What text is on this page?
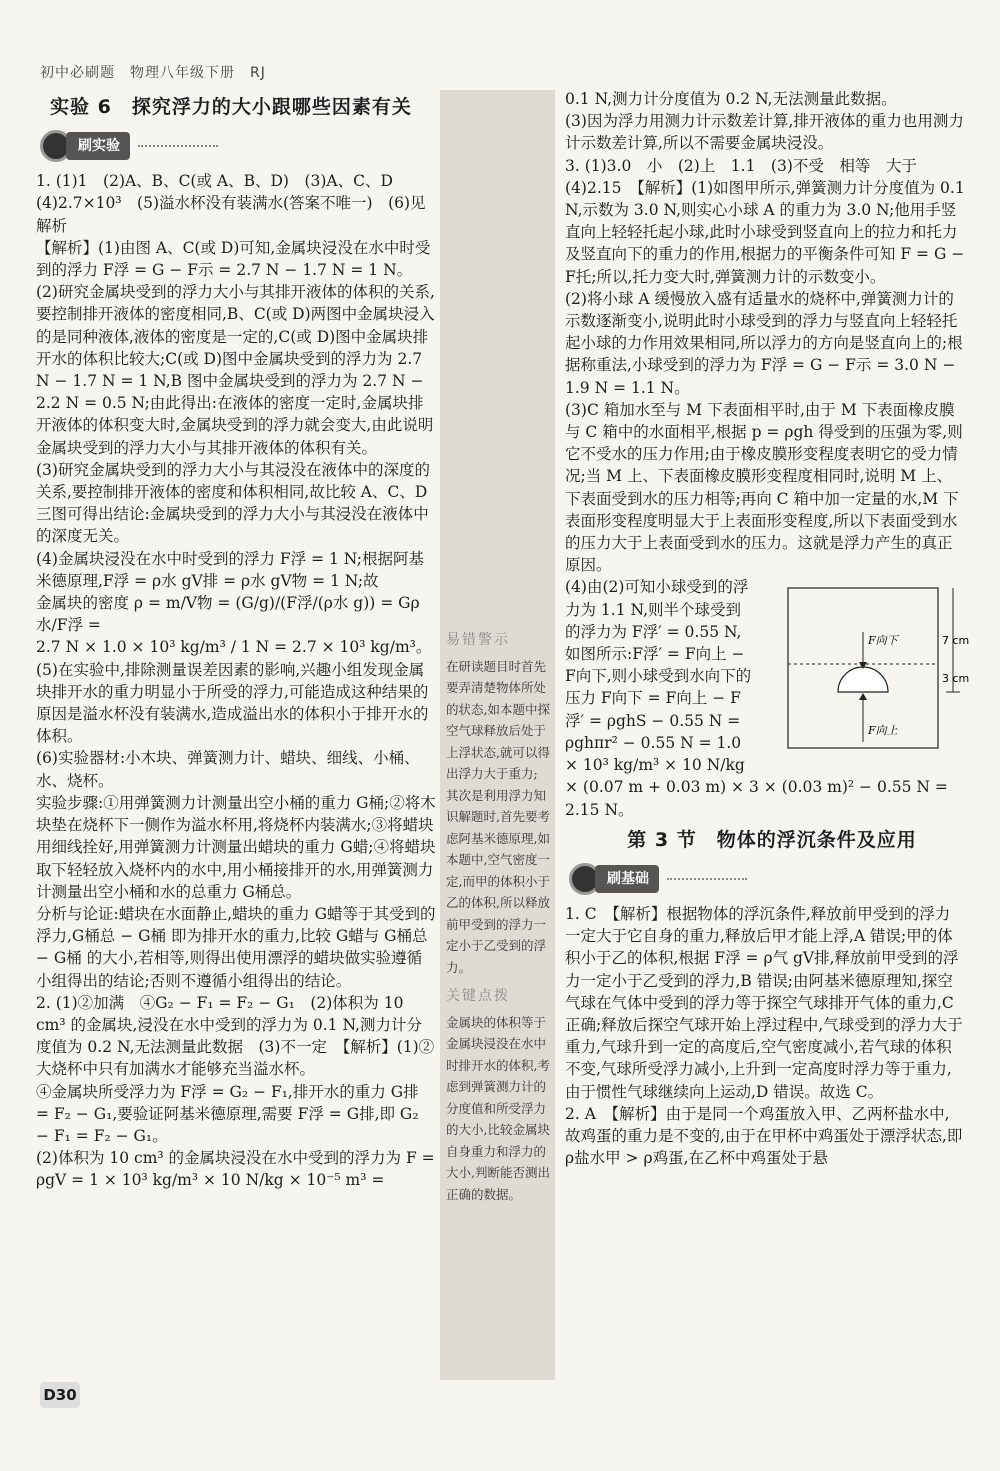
初中必刷题　物理八年级下册　RJ
易错警示
在研读题目时首先要弄清楚物体所处的状态,如本题中探空气球释放后处于上浮状态,就可以得出浮力大于重力;其次是利用浮力知识解题时,首先要考虑阿基米德原理,如本题中,空气密度一定,而甲的体积小于乙的体积,所以释放前甲受到的浮力一定小于乙受到的浮力。
关键点拨
金属块的体积等于金属块浸没在水中时排开水的体积,考虑到弹簧测力计的分度值和所受浮力的大小,比较金属块自身重力和浮力的大小,判断能否测出正确的数据。
实验 6　探究浮力的大小跟哪些因素有关
刷实验

1. (1)1　(2)A、B、C(或 A、B、D)　(3)A、C、D　(4)2.7×10³　(5)溢水杯没有装满水(答案不唯一)　(6)见解析

【解析】(1)由图 A、C(或 D)可知,金属块浸没在水中时受到的浮力 F浮 = G − F示 = 2.7 N − 1.7 N = 1 N。

(2)研究金属块受到的浮力大小与其排开液体的体积的关系,要控制排开液体的密度相同,B、C(或 D)两图中金属块浸入的是同种液体,液体的密度是一定的,C(或 D)图中金属块排开水的体积比较大;C(或 D)图中金属块受到的浮力为 2.7 N − 1.7 N = 1 N,B 图中金属块受到的浮力为 2.7 N − 2.2 N = 0.5 N;由此得出:在液体的密度一定时,金属块排开液体的体积变大时,金属块受到的浮力就会变大,由此说明金属块受到的浮力大小与其排开液体的体积有关。

(3)研究金属块受到的浮力大小与其浸没在液体中的深度的关系,要控制排开液体的密度和体积相同,故比较 A、C、D 三图可得出结论:金属块受到的浮力大小与其浸没在液体中的深度无关。

(4)金属块浸没在水中时受到的浮力 F浮 = 1 N;根据阿基米德原理,F浮 = ρ水 gV排 = ρ水 gV物 = 1 N;故

金属块的密度 ρ = m/V物 = (G/g)/(F浮/(ρ水 g)) = Gρ水/F浮 =

2.7 N × 1.0 × 10³ kg/m³ / 1 N = 2.7 × 10³ kg/m³。

(5)在实验中,排除测量误差因素的影响,兴趣小组发现金属块排开水的重力明显小于所受的浮力,可能造成这种结果的原因是溢水杯没有装满水,造成溢出水的体积小于排开水的体积。

(6)实验器材:小木块、弹簧测力计、蜡块、细线、小桶、水、烧杯。

实验步骤:①用弹簧测力计测量出空小桶的重力 G桶;②将木块垫在烧杯下一侧作为溢水杯用,将烧杯内装满水;③将蜡块用细线拴好,用弹簧测力计测量出蜡块的重力 G蜡;④将蜡块取下轻轻放入烧杯内的水中,用小桶接排开的水,用弹簧测力计测量出空小桶和水的总重力 G桶总。

分析与论证:蜡块在水面静止,蜡块的重力 G蜡等于其受到的浮力,G桶总 − G桶 即为排开水的重力,比较 G蜡与 G桶总 − G桶 的大小,若相等,则得出使用漂浮的蜡块做实验遵循小组得出的结论;否则不遵循小组得出的结论。

2. (1)②加满　④G₂ − F₁ = F₂ − G₁　(2)体积为 10 cm³ 的金属块,浸没在水中受到的浮力为 0.1 N,测力计分度值为 0.2 N,无法测量此数据　(3)不一定　【解析】(1)②大烧杯中只有加满水才能够充当溢水杯。

④金属块所受浮力为 F浮 = G₂ − F₁,排开水的重力 G排 = F₂ − G₁,要验证阿基米德原理,需要 F浮 = G排,即 G₂ − F₁ = F₂ − G₁。

(2)体积为 10 cm³ 的金属块浸没在水中受到的浮力为 F = ρgV = 1 × 10³ kg/m³ × 10 N/kg × 10⁻⁵ m³ =

0.1 N,测力计分度值为 0.2 N,无法测量此数据。

(3)因为浮力用测力计示数差计算,排开液体的重力也用测力计示数差计算,所以不需要金属块浸没。

3. (1)3.0　小　(2)上　1.1　(3)不受　相等　大于　(4)2.15　【解析】(1)如图甲所示,弹簧测力计分度值为 0.1 N,示数为 3.0 N,则实心小球 A 的重力为 3.0 N;他用手竖直向上轻轻托起小球,此时小球受到竖直向上的拉力和托力及竖直向下的重力的作用,根据力的平衡条件可知 F = G − F托;所以,托力变大时,弹簧测力计的示数变小。

(2)将小球 A 缓慢放入盛有适量水的烧杯中,弹簧测力计的示数逐渐变小,说明此时小球受到的浮力与竖直向上轻轻托起小球的力作用效果相同,所以浮力的方向是竖直向上的;根据称重法,小球受到的浮力为 F浮 = G − F示 = 3.0 N − 1.9 N = 1.1 N。

(3)C 箱加水至与 M 下表面相平时,由于 M 下表面橡皮膜与 C 箱中的水面相平,根据 p = ρgh 得受到的压强为零,则它不受水的压力作用;由于橡皮膜形变程度表明它的受力情况;当 M 上、下表面橡皮膜形变程度相同时,说明 M 上、下表面受到水的压力相等;再向 C 箱中加一定量的水,M 下表面形变程度明显大于上表面形变程度,所以下表面受到水的压力大于上表面受到水的压力。这就是浮力产生的真正原因。

7 cm
3 cm
F向下
F向上

(4)由(2)可知小球受到的浮力为 1.1 N,则半个球受到的浮力为 F浮′ = 0.55 N,如图所示:F浮′ = F向上 − F向下,则小球受到水向下的压力 F向下 = F向上 − F浮′ = ρghS − 0.55 N = ρghπr² − 0.55 N = 1.0 × 10³ kg/m³ × 10 N/kg × (0.07 m + 0.03 m) × 3 × (0.03 m)² − 0.55 N = 2.15 N。

第 3 节　物体的浮沉条件及应用
刷基础

1. C　【解析】根据物体的浮沉条件,释放前甲受到的浮力一定大于它自身的重力,释放后甲才能上浮,A 错误;甲的体积小于乙的体积,根据 F浮 = ρ气 gV排,释放前甲受到的浮力一定小于乙受到的浮力,B 错误;由阿基米德原理知,探空气球在气体中受到的浮力等于探空气球排开气体的重力,C 正确;释放后探空气球开始上浮过程中,气球受到的浮力大于重力,气球升到一定的高度后,空气密度减小,若气球的体积不变,气球所受浮力减小,上升到一定高度时浮力等于重力,由于惯性气球继续向上运动,D 错误。故选 C。

2. A　【解析】由于是同一个鸡蛋放入甲、乙两杯盐水中,故鸡蛋的重力是不变的,由于在甲杯中鸡蛋处于漂浮状态,即 ρ盐水甲 > ρ鸡蛋,在乙杯中鸡蛋处于悬

D30
